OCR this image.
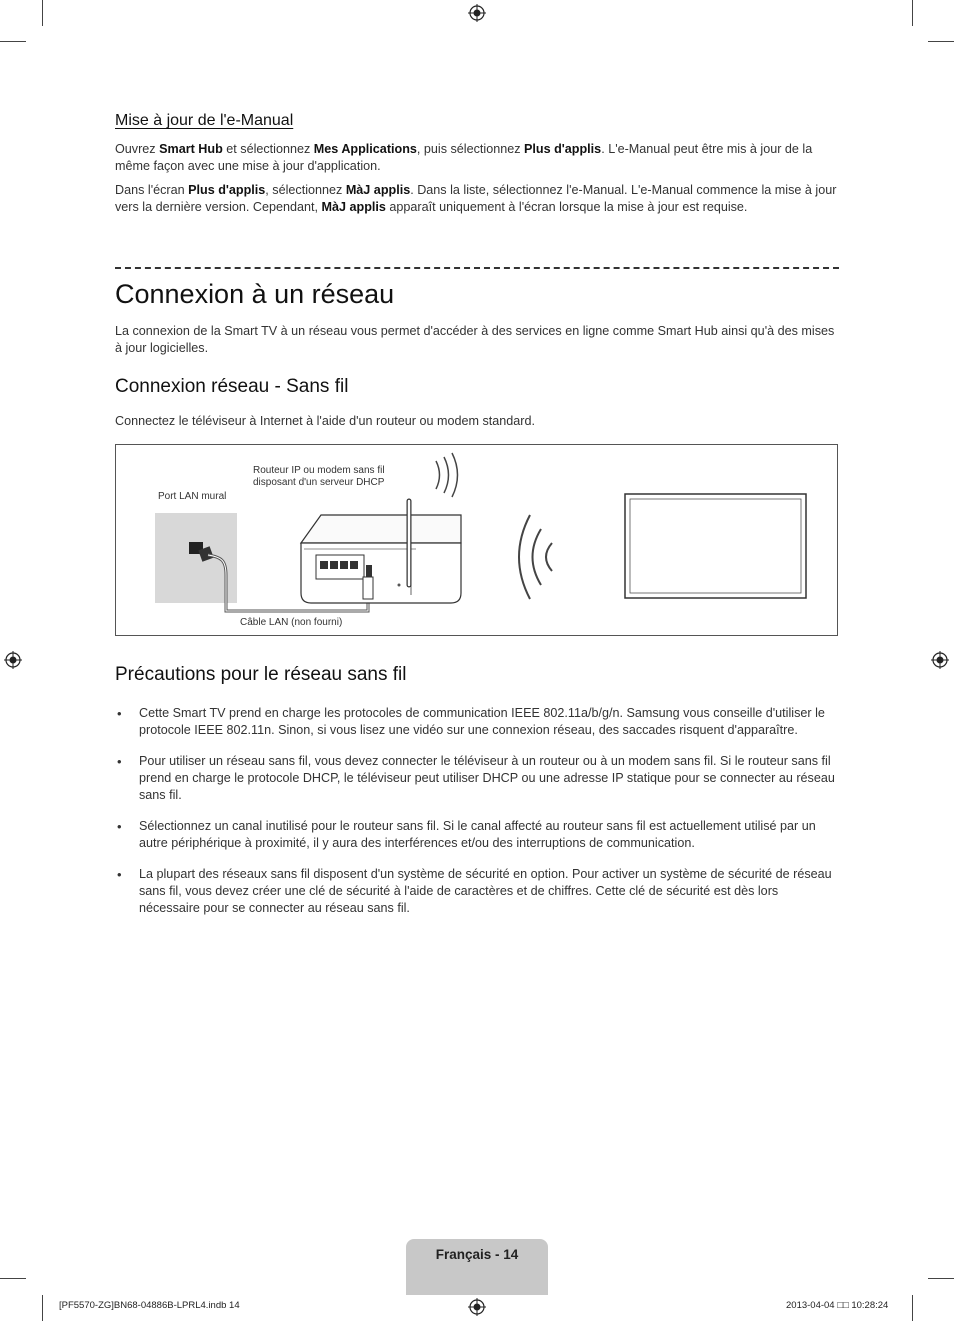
Mise à jour de l'e-Manual

Ouvrez Smart Hub et sélectionnez Mes Applications, puis sélectionnez Plus d'applis. L'e-Manual peut être mis à jour de la même façon avec une mise à jour d'application.

Dans l'écran Plus d'applis, sélectionnez MàJ applis. Dans la liste, sélectionnez l'e-Manual. L'e-Manual commence la mise à jour vers la dernière version. Cependant, MàJ applis apparaît uniquement à l'écran lorsque la mise à jour est requise.

Connexion à un réseau

La connexion de la Smart TV à un réseau vous permet d'accéder à des services en ligne comme Smart Hub ainsi qu'à des mises à jour logicielles.

Connexion réseau - Sans fil

Connectez le téléviseur à Internet à l'aide d'un routeur ou modem standard.

Routeur IP ou modem sans fil
disposant d'un serveur DHCP
Port LAN mural
Câble LAN (non fourni)
Précautions pour le réseau sans fil
• Cette Smart TV prend en charge les protocoles de communication IEEE 802.11a/b/g/n. Samsung vous conseille d'utiliser le protocole IEEE 802.11n. Sinon, si vous lisez une vidéo sur une connexion réseau, des saccades risquent d'apparaître.
• Pour utiliser un réseau sans fil, vous devez connecter le téléviseur à un routeur ou à un modem sans fil. Si le routeur sans fil prend en charge le protocole DHCP, le téléviseur peut utiliser DHCP ou une adresse IP statique pour se connecter au réseau sans fil.
• Sélectionnez un canal inutilisé pour le routeur sans fil. Si le canal affecté au routeur sans fil est actuellement utilisé par un autre périphérique à proximité, il y aura des interférences et/ou des interruptions de communication.
• La plupart des réseaux sans fil disposent d'un système de sécurité en option. Pour activer un système de sécurité de réseau sans fil, vous devez créer une clé de sécurité à l'aide de caractères et de chiffres. Cette clé de sécurité est dès lors nécessaire pour se connecter au réseau sans fil.
Français - 14
[PF5570-ZG]BN68-04886B-LPRL4.indb 14	2013-04-04 □□ 10:28:24
